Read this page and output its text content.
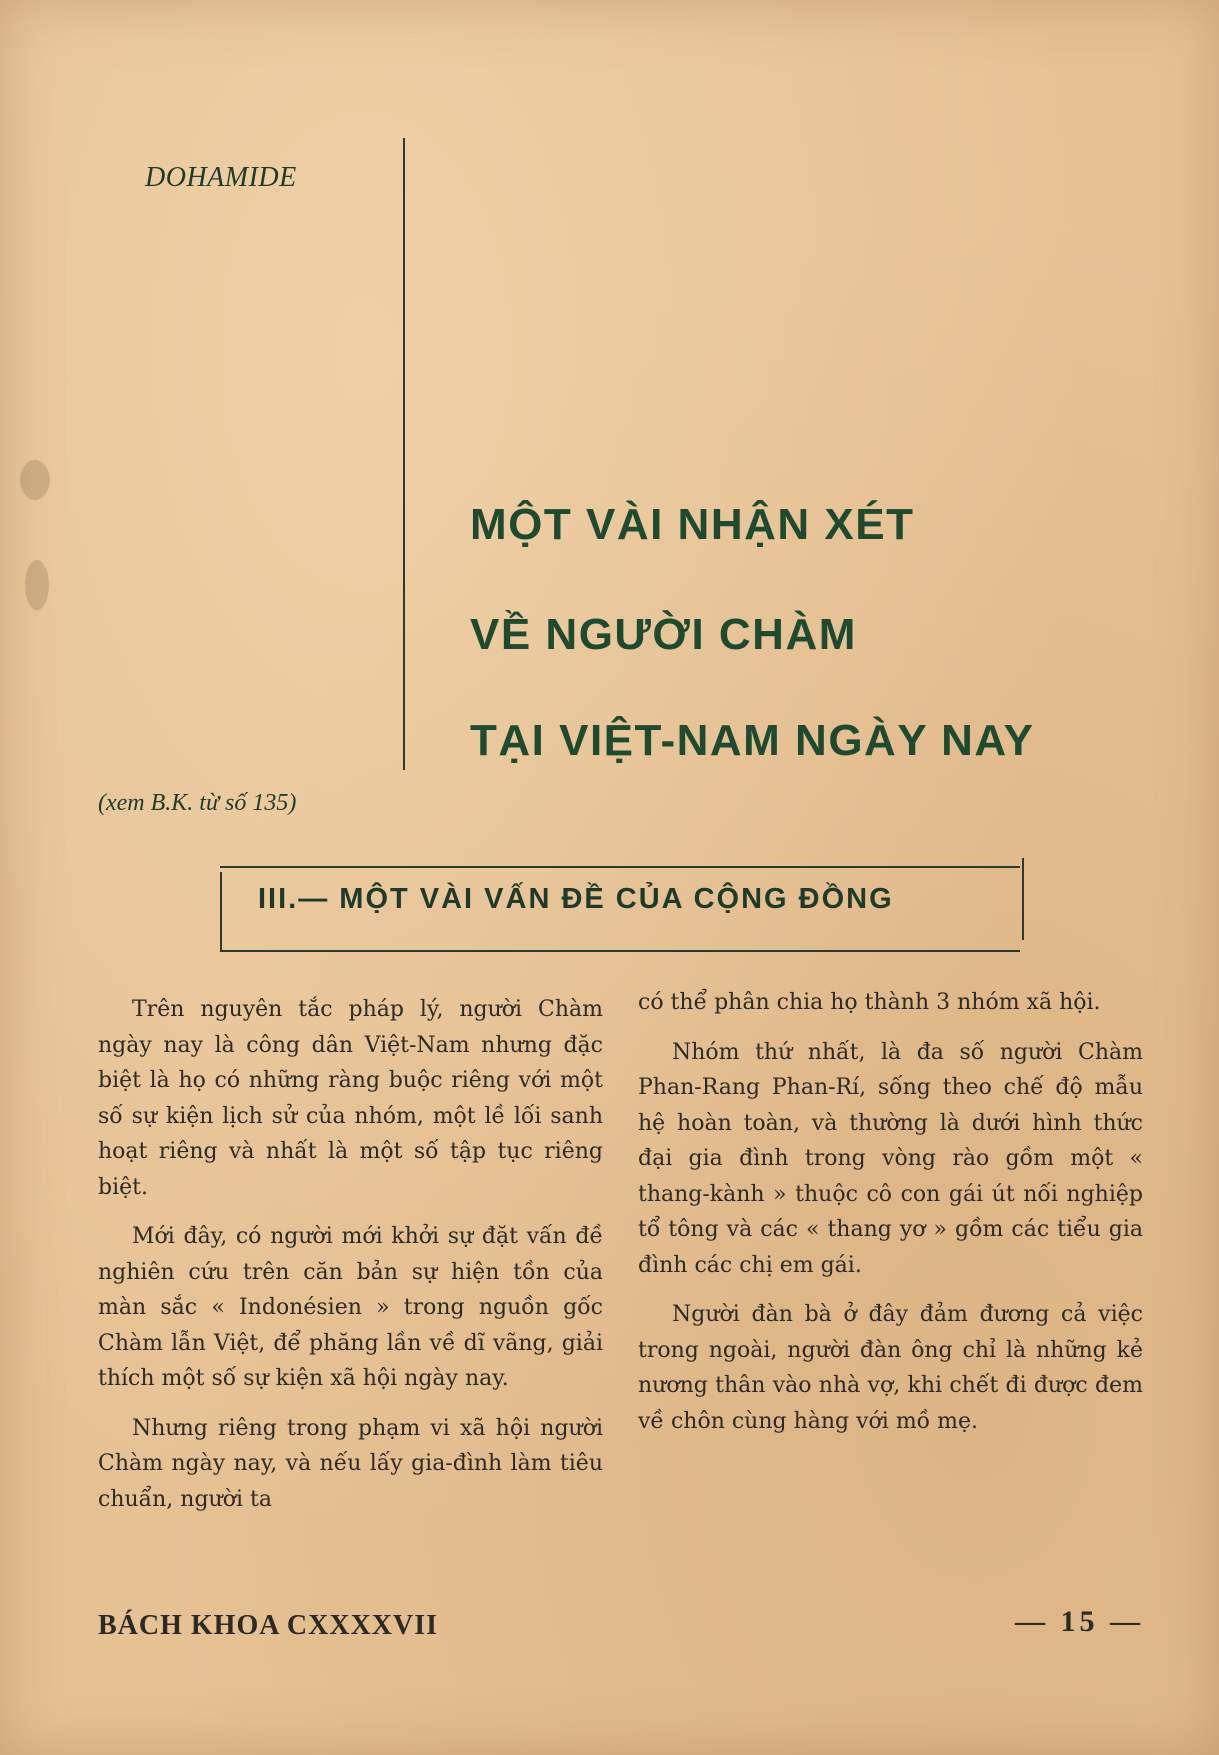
DOHAMIDE
(xem B.K. từ số 135)
MỘT VÀI NHẬN XÉT
VỀ NGƯỜI CHÀM
TẠI VIỆT-NAM NGÀY NAY
III.— MỘT VÀI VẤN ĐỀ CỦA CỘNG ĐỒNG

Trên nguyên tắc pháp lý, người Chàm ngày nay là công dân Việt-Nam nhưng đặc biệt là họ có những ràng buộc riêng với một số sự kiện lịch sử của nhóm, một lề lối sanh hoạt riêng và nhất là một số tập tục riêng biệt.

Mới đây, có người mới khởi sự đặt vấn đề nghiên cứu trên căn bản sự hiện tồn của màn sắc « Indonésien » trong nguồn gốc Chàm lẫn Việt, để phăng lần về dĩ vãng, giải thích một số sự kiện xã hội ngày nay.

Nhưng riêng trong phạm vi xã hội người Chàm ngày nay, và nếu lấy gia-đình làm tiêu chuẩn, người ta

có thể phân chia họ thành 3 nhóm xã hội.

Nhóm thứ nhất, là đa số người Chàm Phan-Rang Phan-Rí, sống theo chế độ mẫu hệ hoàn toàn, và thường là dưới hình thức đại gia đình trong vòng rào gồm một « thang-kành » thuộc cô con gái út nối nghiệp tổ tông và các « thang yơ » gồm các tiểu gia đình các chị em gái.

Người đàn bà ở đây đảm đương cả việc trong ngoài, người đàn ông chỉ là những kẻ nương thân vào nhà vợ, khi chết đi được đem về chôn cùng hàng với mồ mẹ.

BÁCH KHOA CXXXXVII	— 15 —
